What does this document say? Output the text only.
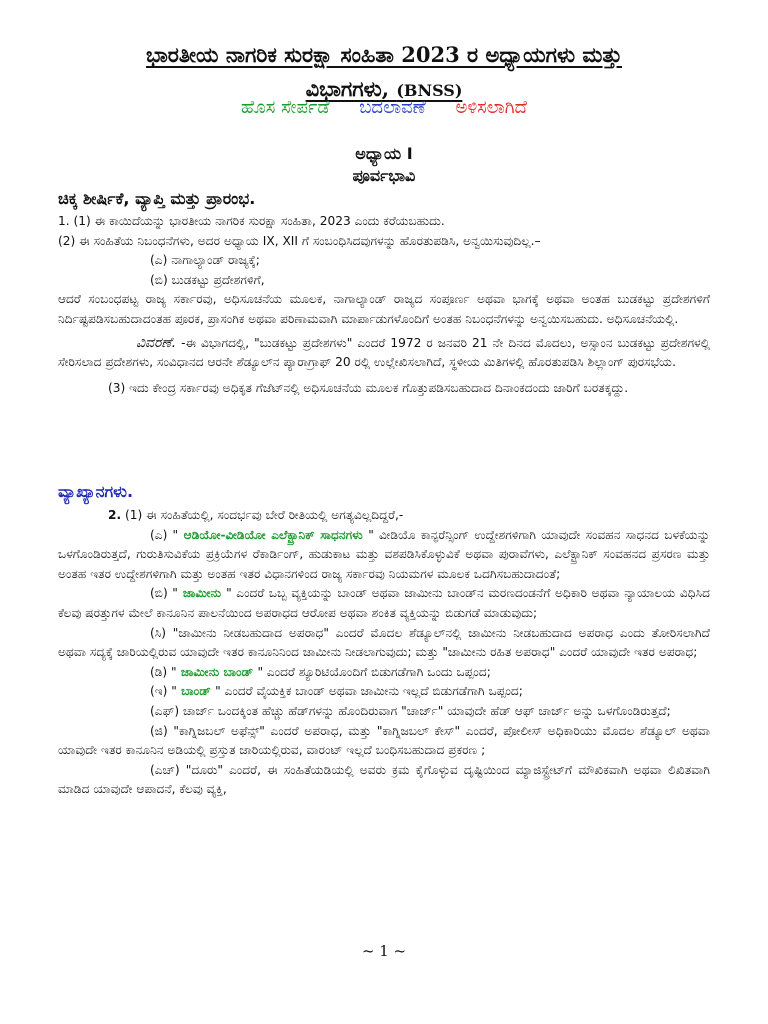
ಭಾರತೀಯ ನಾಗರಿಕ ಸುರಕ್ಷಾ ಸಂಹಿತಾ 2023 ರ ಅಧ್ಯಾಯಗಳು ಮತ್ತು
ವಿಭಾಗಗಳು, (BNSS)
ಹೊಸ ಸೇರ್ಪಡೆ ಬದಲಾವಣೆ ಅಳಿಸಲಾಗಿದೆ
ಅಧ್ಯಾಯ I
ಪೂರ್ವಭಾವಿ
ಚಿಕ್ಕ ಶೀರ್ಷಿಕೆ, ವ್ಯಾಪ್ತಿ ಮತ್ತು ಪ್ರಾರಂಭ.

1. (1) ಈ ಕಾಯಿದೆಯನ್ನು ಭಾರತೀಯ ನಾಗರಿಕ ಸುರಕ್ಷಾ ಸಂಹಿತಾ, 2023 ಎಂದು ಕರೆಯಬಹುದು.

(2) ಈ ಸಂಹಿತೆಯ ನಿಬಂಧನೆಗಳು, ಅದರ ಅಧ್ಯಾಯ IX, XII ಗೆ ಸಂಬಂಧಿಸಿದವುಗಳನ್ನು ಹೊರತುಪಡಿಸಿ, ಅನ್ವಯಿಸುವುದಿಲ್ಲ.–

(ಎ) ನಾಗಾಲ್ಯಾಂಡ್ ರಾಜ್ಯಕ್ಕೆ;

(ಬಿ) ಬುಡಕಟ್ಟು ಪ್ರದೇಶಗಳಿಗೆ,

ಆದರೆ ಸಂಬಂಧಪಟ್ಟ ರಾಜ್ಯ ಸರ್ಕಾರವು, ಅಧಿಸೂಚನೆಯ ಮೂಲಕ, ನಾಗಾಲ್ಯಾಂಡ್ ರಾಜ್ಯದ ಸಂಪೂರ್ಣ ಅಥವಾ ಭಾಗಕ್ಕೆ ಅಥವಾ ಅಂತಹ ಬುಡಕಟ್ಟು ಪ್ರದೇಶಗಳಿಗೆ ನಿರ್ದಿಷ್ಟಪಡಿಸಬಹುದಾದಂತಹ ಪೂರಕ, ಪ್ರಾಸಂಗಿಕ ಅಥವಾ ಪರಿಣಾಮವಾಗಿ ಮಾರ್ಪಾಡುಗಳೊಂದಿಗೆ ಅಂತಹ ನಿಬಂಧನೆಗಳನ್ನು ಅನ್ವಯಿಸಬಹುದು. ಅಧಿಸೂಚನೆಯಲ್ಲಿ.

ವಿವರಣೆ. -ಈ ವಿಭಾಗದಲ್ಲಿ, "ಬುಡಕಟ್ಟು ಪ್ರದೇಶಗಳು" ಎಂದರೆ 1972 ರ ಜನವರಿ 21 ನೇ ದಿನದ ಮೊದಲು, ಅಸ್ಸಾಂನ ಬುಡಕಟ್ಟು ಪ್ರದೇಶಗಳಲ್ಲಿ ಸೇರಿಸಲಾದ ಪ್ರದೇಶಗಳು, ಸಂವಿಧಾನದ ಆರನೇ ಶೆಡ್ಯೂಲ್‌ನ ಪ್ಯಾರಾಗ್ರಾಫ್ 20 ರಲ್ಲಿ ಉಲ್ಲೇಖಿಸಲಾಗಿದೆ, ಸ್ಥಳೀಯ ಮಿತಿಗಳಲ್ಲಿ ಹೊರತುಪಡಿಸಿ ಶಿಲ್ಲಾಂಗ್ ಪುರಸಭೆಯ.

(3) ಇದು ಕೇಂದ್ರ ಸರ್ಕಾರವು ಅಧಿಕೃತ ಗೆಜೆಟ್‌ನಲ್ಲಿ ಅಧಿಸೂಚನೆಯ ಮೂಲಕ ಗೊತ್ತುಪಡಿಸಬಹುದಾದ ದಿನಾಂಕದಂದು ಜಾರಿಗೆ ಬರತಕ್ಕದ್ದು.

ವ್ಯಾಖ್ಯಾನಗಳು.

2. (1) ಈ ಸಂಹಿತೆಯಲ್ಲಿ, ಸಂದರ್ಭವು ಬೇರೆ ರೀತಿಯಲ್ಲಿ ಅಗತ್ಯವಿಲ್ಲದಿದ್ದರೆ,-

(ಎ) " ಆಡಿಯೋ-ವೀಡಿಯೋ ಎಲೆಕ್ಟ್ರಾನಿಕ್ ಸಾಧನಗಳು " ವೀಡಿಯೊ ಕಾನ್ಫರೆನ್ಸಿಂಗ್ ಉದ್ದೇಶಗಳಿಗಾಗಿ ಯಾವುದೇ ಸಂವಹನ ಸಾಧನದ ಬಳಕೆಯನ್ನು ಒಳಗೊಂಡಿರುತ್ತದೆ, ಗುರುತಿಸುವಿಕೆಯ ಪ್ರಕ್ರಿಯೆಗಳ ರೆಕಾರ್ಡಿಂಗ್, ಹುಡುಕಾಟ ಮತ್ತು ವಶಪಡಿಸಿಕೊಳ್ಳುವಿಕೆ ಅಥವಾ ಪುರಾವೆಗಳು, ಎಲೆಕ್ಟ್ರಾನಿಕ್ ಸಂವಹನದ ಪ್ರಸರಣ ಮತ್ತು ಅಂತಹ ಇತರ ಉದ್ದೇಶಗಳಿಗಾಗಿ ಮತ್ತು ಅಂತಹ ಇತರ ವಿಧಾನಗಳಿಂದ ರಾಜ್ಯ ಸರ್ಕಾರವು ನಿಯಮಗಳ ಮೂಲಕ ಒದಗಿಸಬಹುದಾದಂತೆ;

(ಬಿ) " ಜಾಮೀನು " ಎಂದರೆ ಒಬ್ಬ ವ್ಯಕ್ತಿಯನ್ನು ಬಾಂಡ್ ಅಥವಾ ಜಾಮೀನು ಬಾಂಡ್‌ನ ಮರಣದಂಡನೆಗೆ ಅಧಿಕಾರಿ ಅಥವಾ ನ್ಯಾಯಾಲಯ ವಿಧಿಸಿದ ಕೆಲವು ಷರತ್ತುಗಳ ಮೇಲೆ ಕಾನೂನಿನ ಪಾಲನೆಯಿಂದ ಅಪರಾಧದ ಆರೋಪ ಅಥವಾ ಶಂಕಿತ ವ್ಯಕ್ತಿಯನ್ನು ಬಿಡುಗಡೆ ಮಾಡುವುದು;

(ಸಿ) "ಜಾಮೀನು ನೀಡಬಹುದಾದ ಅಪರಾಧ" ಎಂದರೆ ಮೊದಲ ಶೆಡ್ಯೂಲ್‌ನಲ್ಲಿ ಜಾಮೀನು ನೀಡಬಹುದಾದ ಅಪರಾಧ ಎಂದು ತೋರಿಸಲಾಗಿದೆ ಅಥವಾ ಸದ್ಯಕ್ಕೆ ಜಾರಿಯಲ್ಲಿರುವ ಯಾವುದೇ ಇತರ ಕಾನೂನಿನಿಂದ ಜಾಮೀನು ನೀಡಲಾಗುವುದು; ಮತ್ತು "ಜಾಮೀನು ರಹಿತ ಅಪರಾಧ" ಎಂದರೆ ಯಾವುದೇ ಇತರ ಅಪರಾಧ;

(ಡಿ) " ಜಾಮೀನು ಬಾಂಡ್ " ಎಂದರೆ ಶ್ಯೂರಿಟಿಯೊಂದಿಗೆ ಬಿಡುಗಡೆಗಾಗಿ ಒಂದು ಒಪ್ಪಂದ;

(ಇ) " ಬಾಂಡ್ " ಎಂದರೆ ವೈಯಕ್ತಿಕ ಬಾಂಡ್ ಅಥವಾ ಜಾಮೀನು ಇಲ್ಲದೆ ಬಿಡುಗಡೆಗಾಗಿ ಒಪ್ಪಂದ;

(ಎಫ್) ಚಾರ್ಜ್ ಒಂದಕ್ಕಿಂತ ಹೆಚ್ಚು ಹೆಡ್‌ಗಳನ್ನು ಹೊಂದಿರುವಾಗ "ಚಾರ್ಜ್" ಯಾವುದೇ ಹೆಡ್ ಆಫ್ ಚಾರ್ಜ್ ಅನ್ನು ಒಳಗೊಂಡಿರುತ್ತದೆ;

(ಜಿ) "ಕಾಗ್ನಿಜಬಲ್ ಅಫೆನ್ಸ್" ಎಂದರೆ ಅಪರಾಧ, ಮತ್ತು "ಕಾಗ್ನಿಜಬಲ್ ಕೇಸ್" ಎಂದರೆ, ಪೋಲೀಸ್ ಅಧಿಕಾರಿಯು ಮೊದಲ ಶೆಡ್ಯೂಲ್ ಅಥವಾ ಯಾವುದೇ ಇತರ ಕಾನೂನಿನ ಅಡಿಯಲ್ಲಿ ಪ್ರಸ್ತುತ ಜಾರಿಯಲ್ಲಿರುವ, ವಾರಂಟ್ ಇಲ್ಲದೆ ಬಂಧಿಸಬಹುದಾದ ಪ್ರಕರಣ ;

(ಎಚ್) "ದೂರು" ಎಂದರೆ, ಈ ಸಂಹಿತೆಯಡಿಯಲ್ಲಿ ಅವರು ಕ್ರಮ ಕೈಗೊಳ್ಳುವ ದೃಷ್ಟಿಯಿಂದ ಮ್ಯಾಜಿಸ್ಟ್ರೇಟ್‌ಗೆ ಮೌಖಿಕವಾಗಿ ಅಥವಾ ಲಿಖಿತವಾಗಿ ಮಾಡಿದ ಯಾವುದೇ ಆಪಾದನೆ, ಕೆಲವು ವ್ಯಕ್ತಿ,

~ 1 ~
